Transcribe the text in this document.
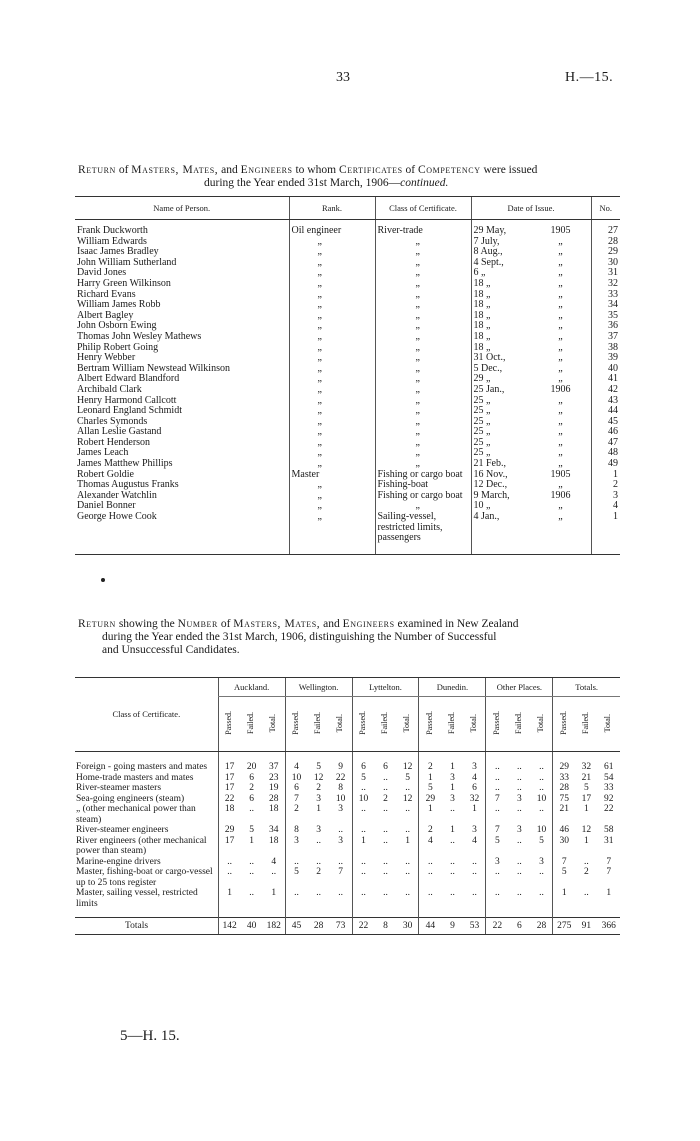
33	H.—15.
Return of Masters, Mates, and Engineers to whom Certificates of Competency were issued
during the Year ended 31st March, 1906—continued.
Name of Person.	Rank.	Class of Certificate.	Date of Issue.	No.

Frank Duckworth	Oil engineer	River-trade	29 May, 1905	27
William Edwards	„	„	7 July, „	28
Isaac James Bradley	„	„	8 Aug., „	29
John William Sutherland	„	„	4 Sept., „	30
David Jones	„	„	6 „ „	31
Harry Green Wilkinson	„	„	18 „ „	32
Richard Evans	„	„	18 „ „	33
William James Robb	„	„	18 „ „	34
Albert Bagley	„	„	18 „ „	35
John Osborn Ewing	„	„	18 „ „	36
Thomas John Wesley Mathews	„	„	18 „ „	37
Philip Robert Going	„	„	18 „ „	38
Henry Webber	„	„	31 Oct., „	39
Bertram William Newstead Wilkinson	„	„	5 Dec., „	40
Albert Edward Blandford	„	„	29 „ „	41
Archibald Clark	„	„	25 Jan., 1906	42
Henry Harmond Callcott	„	„	25 „ „	43
Leonard England Schmidt	„	„	25 „ „	44
Charles Symonds	„	„	25 „ „	45
Allan Leslie Gastand	„	„	25 „ „	46
Robert Henderson	„	„	25 „ „	47
James Leach	„	„	25 „ „	48
James Matthew Phillips	„	„	21 Feb., „	49
Robert Goldie	Master	Fishing or cargo boat	16 Nov., 1905	1
Thomas Augustus Franks	„	Fishing-boat	12 Dec., „	2
Alexander Watchlin	„	Fishing or cargo boat	9 March, 1906	3
Daniel Bonner	„	„	10 „ „	4
George Howe Cook	„	Sailing-vessel, restricted limits, passengers	4 Jan., „	1

Return showing the Number of Masters, Mates, and Engineers examined in New Zealand
during the Year ended the 31st March, 1906, distinguishing the Number of Successful
and Unsuccessful Candidates.
Class of Certificate.	Auckland.			Wellington.			Lyttelton.			Dunedin.			Other Places.			Totals.		
	Passed.	Failed.	Total.	Passed.	Failed.	Total.	Passed.	Failed.	Total.	Passed.	Failed.	Total.	Passed.	Failed.	Total.	Passed.	Failed.	Total.

Foreign - going masters and mates	17	20	37	4	5	9	6	6	12	2	1	3	..	..	..	29	32	61
Home-trade masters and mates	17	6	23	10	12	22	5	..	5	1	3	4	..	..	..	33	21	54
River-steamer masters	17	2	19	6	2	8	..	..	..	5	1	6	..	..	..	28	5	33
Sea-going engineers (steam)	22	6	28	7	3	10	10	2	12	29	3	32	7	3	10	75	17	92
„ (other mechanical power than steam)	18	..	18	2	1	3	..	..	..	1	..	1	..	..	..	21	1	22
River-steamer engineers	29	5	34	8	3	..	..	..	..	2	1	3	7	3	10	46	12	58
River engineers (other mechanical power than steam)	17	1	18	3	..	3	1	..	1	4	..	4	5	..	5	30	1	31
Marine-engine drivers	..	..	4	..	..	..	..	..	..	..	..	..	3	..	3	7	..	7
Master, fishing-boat or cargo-vessel up to 25 tons register	..	..	..	5	2	7	..	..	..	..	..	..	..	..	..	5	2	7
Master, sailing vessel, restricted limits	1	..	1	..	..	..	..	..	..	..	..	..	..	..	..	1	..	1

Totals	142	40	182	45	28	73	22	8	30	44	9	53	22	6	28	275	91	366
5—H. 15.
